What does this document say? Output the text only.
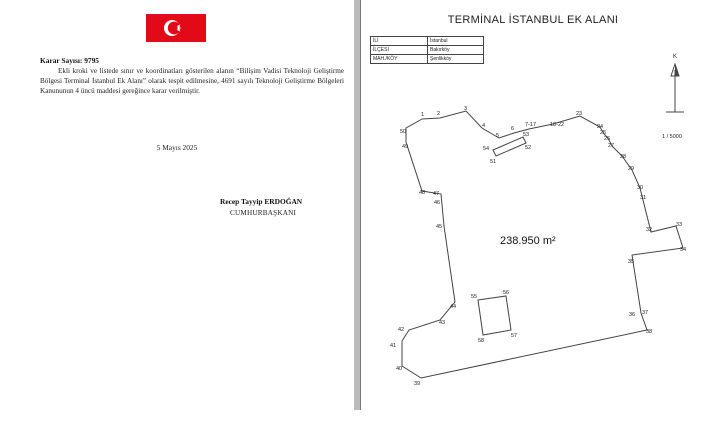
Karar Sayısı: 9795
Ekli kroki ve listede sınır ve koordinatları gösterilen alanın “Bilişim Vadisi Teknoloji Geliştirme Bölgesi Terminal İstanbul Ek Alanı” olarak tespit edilmesine, 4691 sayılı Teknoloji Geliştirme Bölgeleri Kanununun 4 üncü maddesi gereğince karar verilmiştir.
5 Mayıs 2025
Recep Tayyip ERDOĞAN
CUMHURBAŞKANI
TERMİNAL İSTANBUL EK ALANI
İLİ	İstanbul
İLÇESİ	Bakırköy
MAH./KÖY	Şenlikköy	K
1 / 5000
238.950 m²
1 2
3
4
5
6
7-17	18-22
23
24
25
26
27
28
29
30
31
32
33
34
35
36 37
38
39
40
41
42
43
44
45
46
47
48
49
50
51
52
53
54
55
56
57
58
